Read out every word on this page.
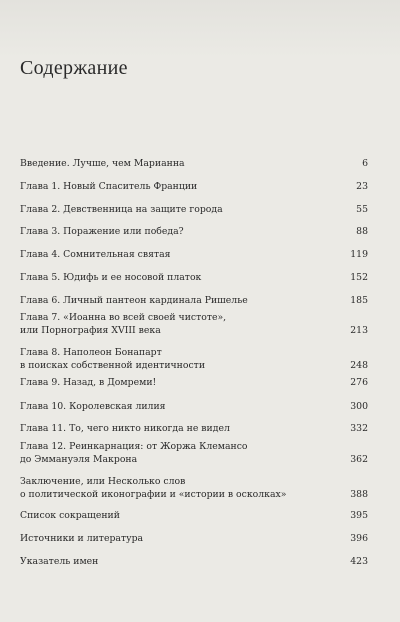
Содержание
Введение. Лучше, чем Марианна	6
Глава 1. Новый Спаситель Франции	23
Глава 2. Девственница на защите города	55
Глава 3. Поражение или победа?	88
Глава 4. Сомнительная святая	119
Глава 5. Юдифь и ее носовой платок	152
Глава 6. Личный пантеон кардинала Ришелье	185
Глава 7. «Иоанна во всей своей чистоте»,
или Порнография XVIII века	213
Глава 8. Наполеон Бонапарт
в поисках собственной идентичности	248
Глава 9. Назад, в Домреми!	276
Глава 10. Королевская лилия	300
Глава 11. То, чего никто никогда не видел	332
Глава 12. Реинкарнация: от Жоржа Клемансо
до Эммануэля Макрона	362
Заключение, или Несколько слов
о политической иконографии и «истории в осколках»	388
Список сокращений	395
Источники и литература	396
Указатель имен	423
